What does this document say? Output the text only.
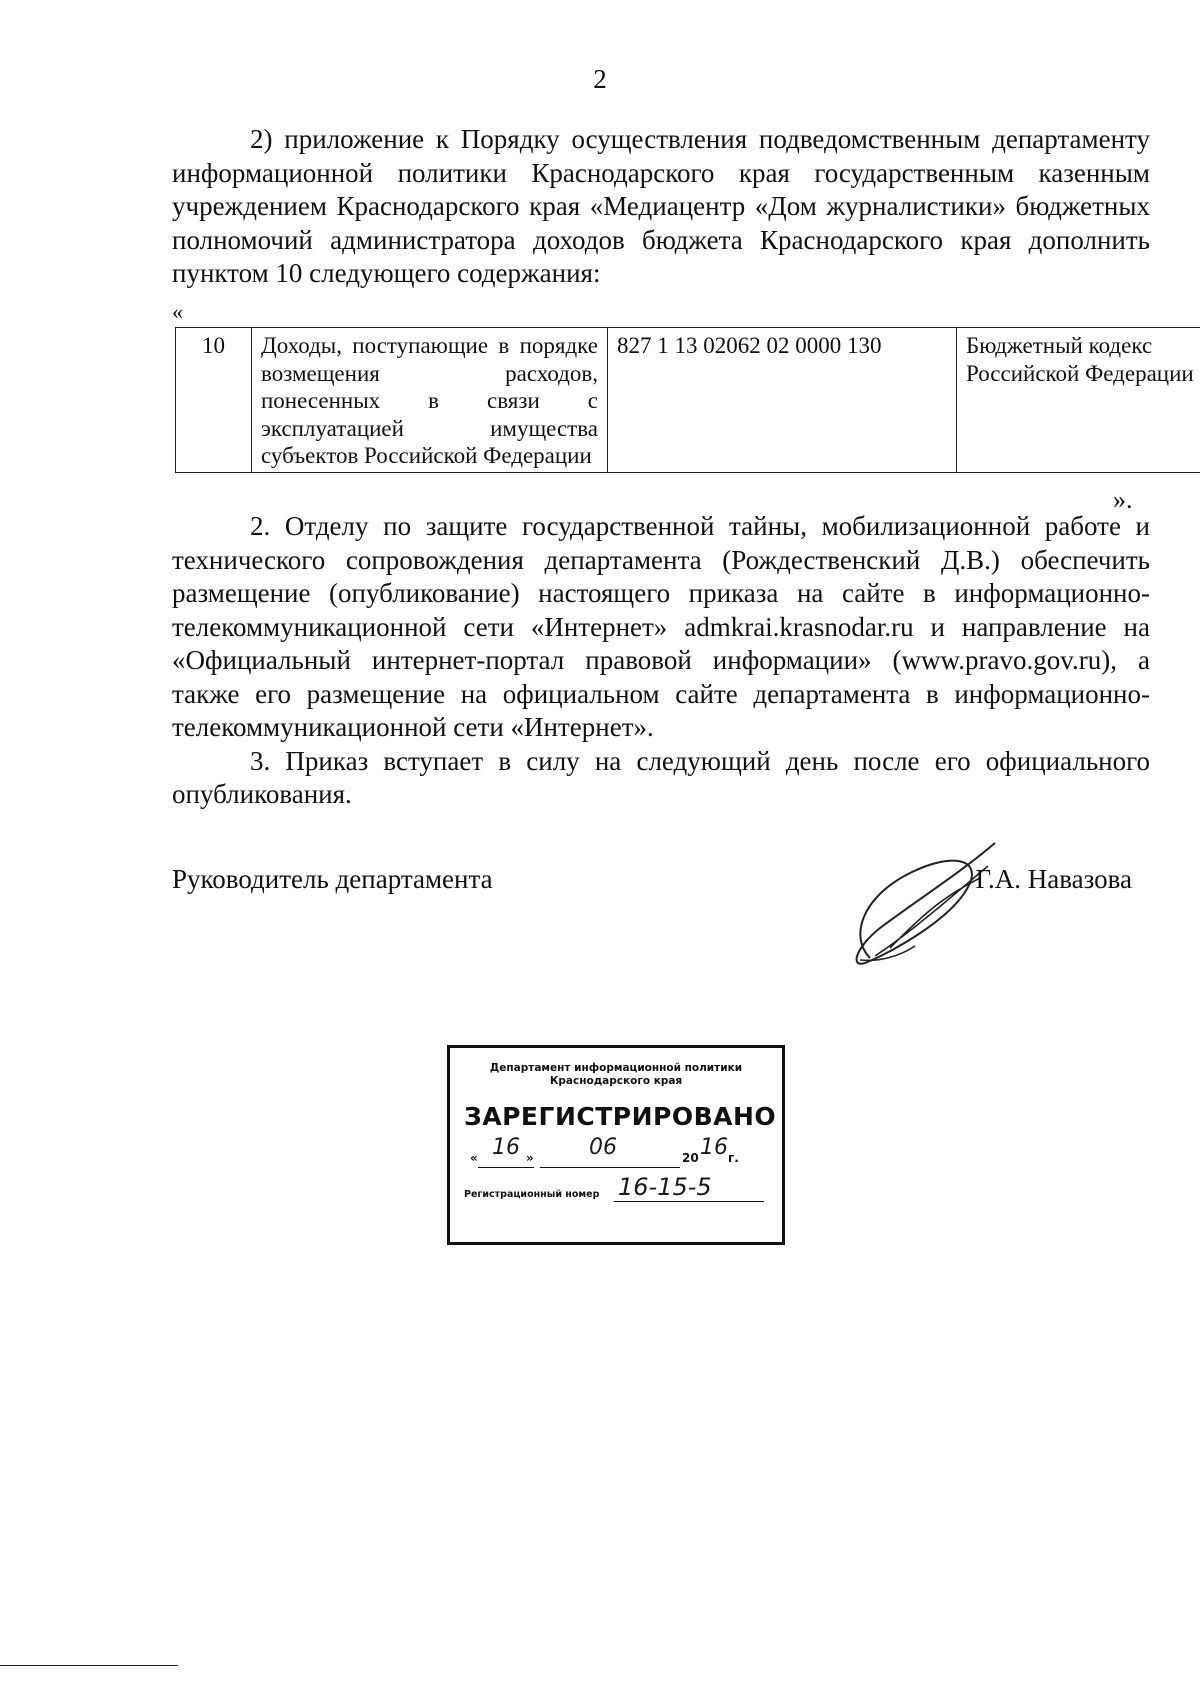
2

2) приложение к Порядку осуществления подведомственным департаменту информационной политики Краснодарского края государственным казенным учреждением Краснодарского края «Медиацентр «Дом журналистики» бюджетных полномочий администратора доходов бюджета Краснодарского края дополнить пунктом 10 следующего содержания:

«
10	Доходы, поступающие в порядке возмещения расходов, понесенных в связи с эксплуатацией имущества субъектов Российской Федерации	827 1 13 02062 02 0000 130	Бюджетный кодекс Российской Федерации
».

2. Отделу по защите государственной тайны, мобилизационной работе и технического сопровождения департамента (Рождественский Д.В.) обеспечить размещение (опубликование) настоящего приказа на сайте в информационно-телекоммуникационной сети «Интернет» admkrai.krasnodar.ru и направление на «Официальный интернет-портал правовой информации» (www.pravo.gov.ru), а также его размещение на официальном сайте департамента в информационно-телекоммуникационной сети «Интернет».

3. Приказ вступает в силу на следующий день после его официального опубликования.

Руководитель департамента	Г.А. Навазова
Департамент информационной политики Краснодарского края
ЗАРЕГИСТРИРОВАНО
« 16 »	06	20 16 г.
Регистрационный номер 16-15-5
